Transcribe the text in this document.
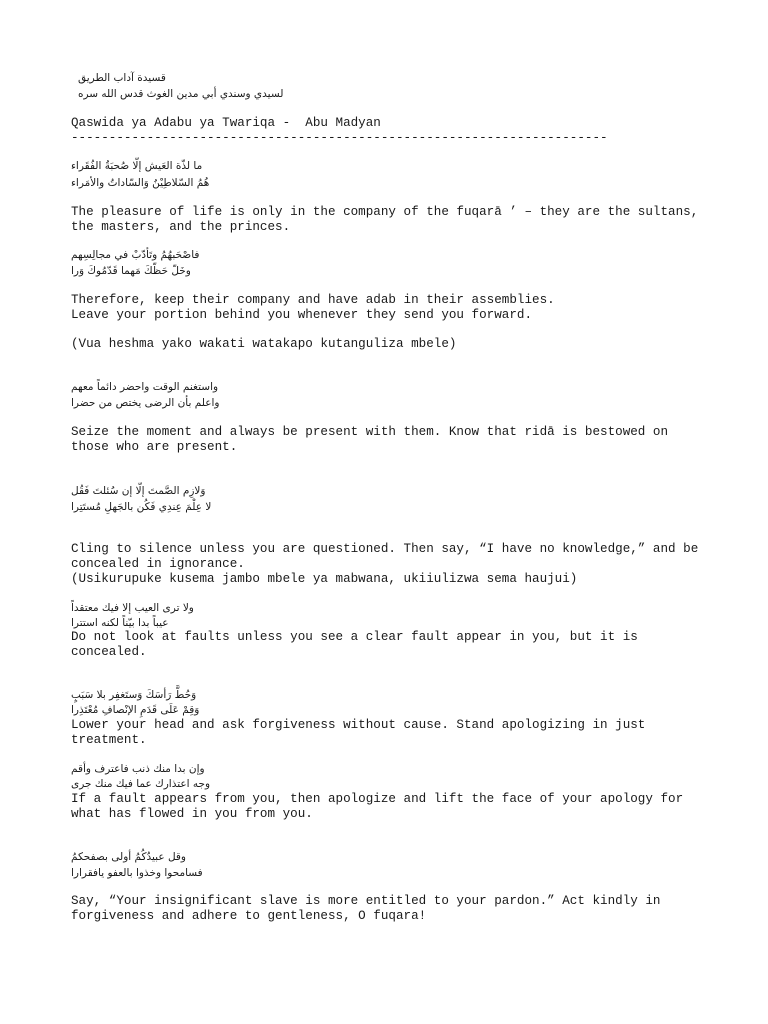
قسيدة آداب الطريق
لسيدي وسندي أبي مدين الغوث قدس الله سره
Qaswida ya Adabu ya Twariqa -  Abu Madyan
-----------------------------------------------------------------------
ما لذّة العَيش إلّا صُحبَةُ الفُقَراء
هُمُ السّلاطِيْنُ وَالسّاداتُ والأمَراء
The pleasure of life is only in the company of the fuqarā ’ – they are the sultans,
the masters, and the princes.
فاصْحَبهُمُ وتَأدّبْ في مجالِسِهم
وخَلّ حَظّكَ مَهما قَدّمُوكَ وَرا
Therefore, keep their company and have adab in their assemblies.
Leave your portion behind you whenever they send you forward.
(Vua heshma yako wakati watakapo kutanguliza mbele)
واستغنم الوقت واحضر دائماً معهم
واعلم بأن الرضى يختص من حضرا
Seize the moment and always be present with them. Know that ridā is bestowed on
those who are present.
وَلازِم الصَّمتَ إلّا إن سُئلتَ فَقُل
لا عِلْمَ عِندِي فَكُن بالجَهلِ مُستَتِرا
Cling to silence unless you are questioned. Then say, “I have no knowledge,” and be
concealed in ignorance.
(Usikurupuke kusema jambo mbele ya mabwana, ukiiulizwa sema haujui)
ولا ترى العيب إلا فيك معتقداً
عيباً بدا بيّناً لكنه استترا
Do not look at faults unless you see a clear fault appear in you, but it is
concealed.
وَحُطَّ رَأسَكَ وَستَغفِر بلا سَبَبٍ
وَقِمْ عَلَى قَدَمِ الإنْصافِ مُعْتَذِرا
Lower your head and ask forgiveness without cause. Stand apologizing in just
treatment.
وإن بدا منك ذنب فاعترف وأقم
وجه اعتذارك عما فيك منك جرى
If a fault appears from you, then apologize and lift the face of your apology for
what has flowed in you from you.
وقل عبيدُكُمُ أولى بصفحكمُ
فسامحوا وخذوا بالعفو يافقرارا
Say, “Your insignificant slave is more entitled to your pardon.” Act kindly in
forgiveness and adhere to gentleness, O fuqara!
